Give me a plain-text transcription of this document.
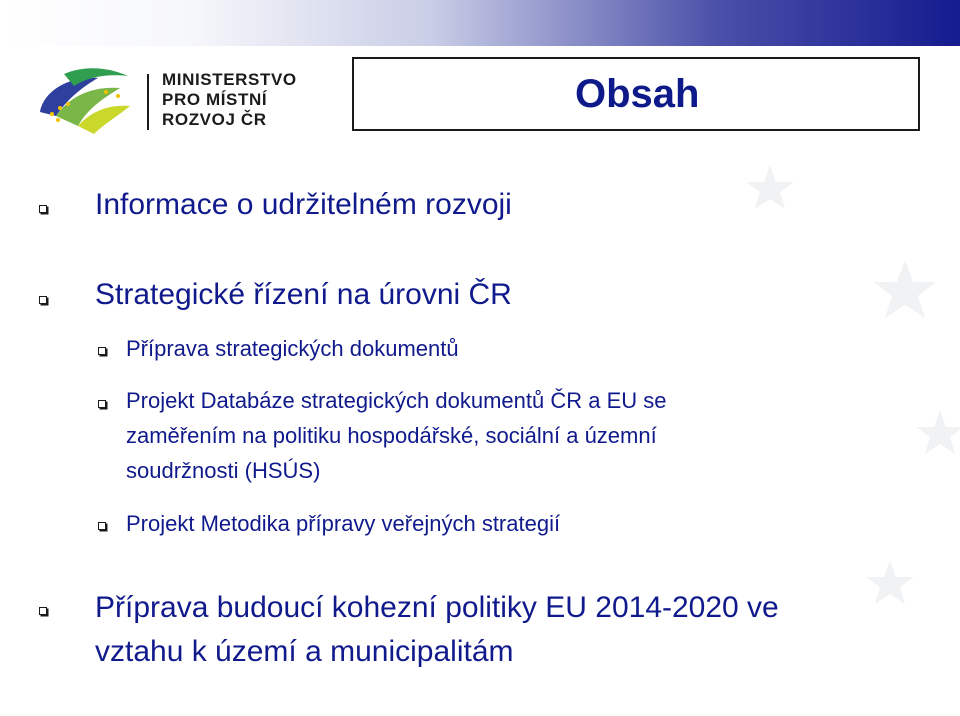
MINISTERSTVO
PRO MÍSTNÍ
ROZVOJ ČR
Obsah
Informace o udržitelném rozvoji
Strategické řízení na úrovni ČR
Příprava strategických dokumentů
Projekt Databáze strategických dokumentů ČR a EU se
zaměřením na politiku hospodářské, sociální a územní
soudržnosti (HSÚS)
Projekt Metodika přípravy veřejných strategií
Příprava budoucí kohezní politiky EU 2014-2020 ve
vztahu k území a municipalitám
